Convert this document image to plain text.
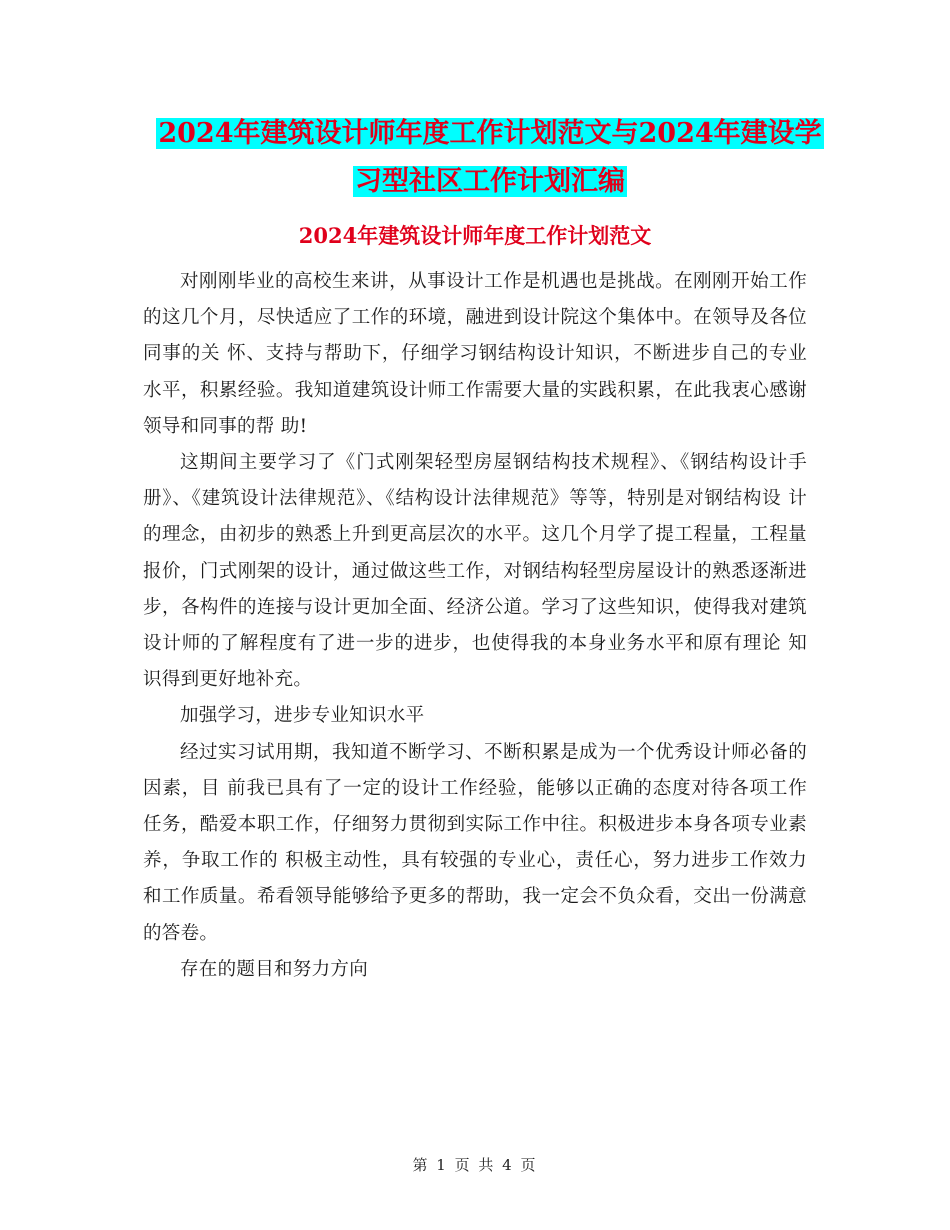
2024年建筑设计师年度工作计划范文与2024年建设学
习型社区工作计划汇编
2024年建筑设计师年度工作计划范文

对刚刚毕业的高校生来讲，从事设计工作是机遇也是挑战。在刚刚开始工作的这几个月，尽快适应了工作的环境，融进到设计院这个集体中。在领导及各位同事的关 怀、支持与帮助下，仔细学习钢结构设计知识，不断进步自己的专业水平，积累经验。我知道建筑设计师工作需要大量的实践积累，在此我衷心感谢领导和同事的帮 助!

这期间主要学习了《门式刚架轻型房屋钢结构技术规程》、《钢结构设计手册》、《建筑设计法律规范》、《结构设计法律规范》等等，特别是对钢结构设 计的理念，由初步的熟悉上升到更高层次的水平。这几个月学了提工程量，工程量报价，门式刚架的设计，通过做这些工作，对钢结构轻型房屋设计的熟悉逐渐进 步，各构件的连接与设计更加全面、经济公道。学习了这些知识，使得我对建筑设计师的了解程度有了进一步的进步，也使得我的本身业务水平和原有理论 知识得到更好地补充。

加强学习，进步专业知识水平

经过实习试用期，我知道不断学习、不断积累是成为一个优秀设计师必备的因素，目 前我已具有了一定的设计工作经验，能够以正确的态度对待各项工作任务，酷爱本职工作，仔细努力贯彻到实际工作中往。积极进步本身各项专业素养，争取工作的 积极主动性，具有较强的专业心，责任心，努力进步工作效力和工作质量。希看领导能够给予更多的帮助，我一定会不负众看，交出一份满意的答卷。

存在的题目和努力方向

第 1 页 共 4 页
